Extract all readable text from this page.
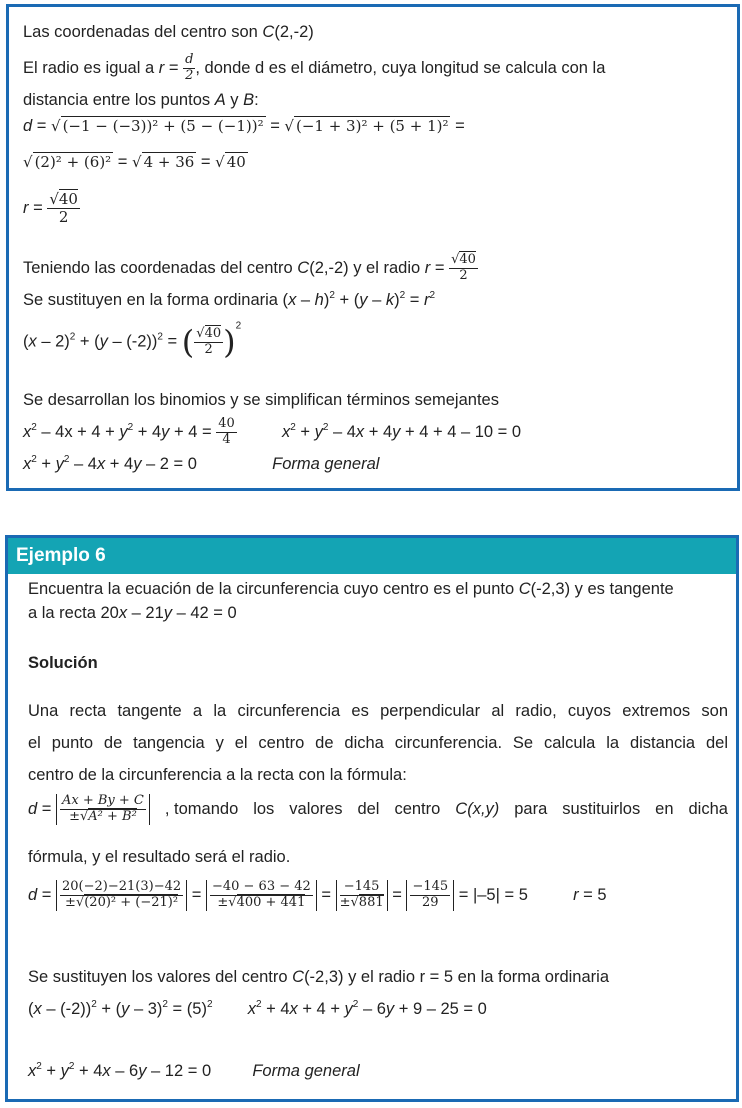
Las coordenadas del centro son C(2,-2)
El radio es igual a $r = \frac{d}{2}$ , donde d es el diámetro, cuya longitud se calcula con la
distancia entre los puntos A y B:
d = √ (−1 − (−3))² + (5 − (−1))² = √ (−1 + 3)² + (5 + 1)² =
√ (2)² + (6)² = √ 4 + 36 = √ 40
$r = \frac{√40}{2}$
Teniendo las coordenadas del centro C(2,-2) y el radio $r = \frac{√40}{2}$
Se sustituyen en la forma ordinaria $(x - h)^2 + (y - k)^2 = r^2$
(x – 2)$^2$ + (y – (-2))$^2$ = ( $\frac{√40}{2} )^2$
Se desarrollan los binomios y se simplifican términos semejantes
$x^2 - 4x + 4 + y^2 + 4y + 4 = \frac{40}{4}$	$x^2 + y^2 - 4x + 4y + 4 + 4 - 10 = 0$
$x^2 + y^2 - 4x + 4y - 2 = 0$	Forma general
Ejemplo 6
Encuentra la ecuación de la circunferencia cuyo centro es el punto C(-2,3) y es tangente
a la recta 20x – 21y – 42 = 0
Solución
Una recta tangente a la circunferencia es perpendicular al radio, cuyos extremos son
el punto de tangencia y el centro de dicha circunferencia. Se calcula la distancia del
centro de la circunferencia a la recta con la fórmula:
$d = \frac{Ax + By + C}{\text{±√A² + B²}}$ , tomando los valores del centro C(x,y) para sustituirlos en dicha
fórmula, y el resultado será el radio.
$d = \frac{20(-2)-21(3)-42}{\text{±√(20)² + (−21)²}} = \frac{-40 - 63 - 42}{\pm√400 + 441} = \frac{-145}{\pm√881} = \frac{-145}{29} = |-5| = 5$	r = 5
Se sustituyen los valores del centro C(-2,3) y el radio r = 5 en la forma ordinaria
$(x - (-2))^2 + (y - 3)^2 = (5)^2$ $x^2 + 4x + 4 + y^2 - 6y + 9 - 25 = 0$
$x^2 + y^2 + 4x - 6y - 12 = 0$  Forma general
